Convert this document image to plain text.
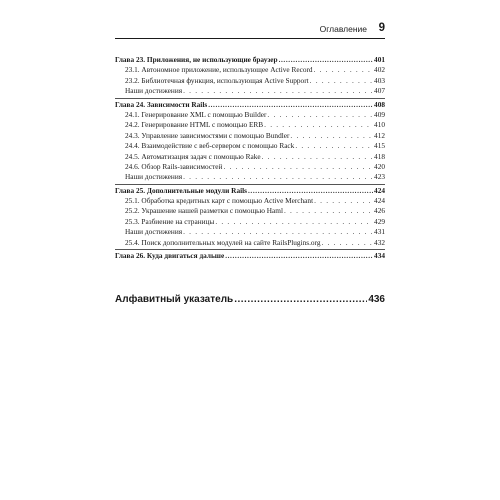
Оглавление 9
Глава 23. Приложения, не использующие браузер .....	401
23.1. Автономное приложение, использующее Active Record . . .	402
23.2. Библиотечная функция, использующая Active Support . . .	403
Наши достижения . . .	407
Глава 24. Зависимости Rails .....	408
24.1. Генерирование XML с помощью Builder . . .	409
24.2. Генерирование HTML с помощью ERB . . .	410
24.3. Управление зависимостями с помощью Bundler . . .	412
24.4. Взаимодействие с веб-сервером с помощью Rack . . .	415
24.5. Автоматизация задач с помощью Rake . . .	418
24.6. Обзор Rails-зависимостей . . .	420
Наши достижения . . .	423
Глава 25. Дополнительные модули Rails .....	424
25.1. Обработка кредитных карт с помощью Active Merchant . . .	424
25.2. Украшение нашей разметки с помощью Haml . . .	426
25.3. Разбиение на страницы . . .	429
Наши достижения . . .	431
25.4. Поиск дополнительных модулей на сайте RailsPlugins.org . . .	432
Глава 26. Куда двигаться дальше .....	434
Алфавитный указатель .....	436
